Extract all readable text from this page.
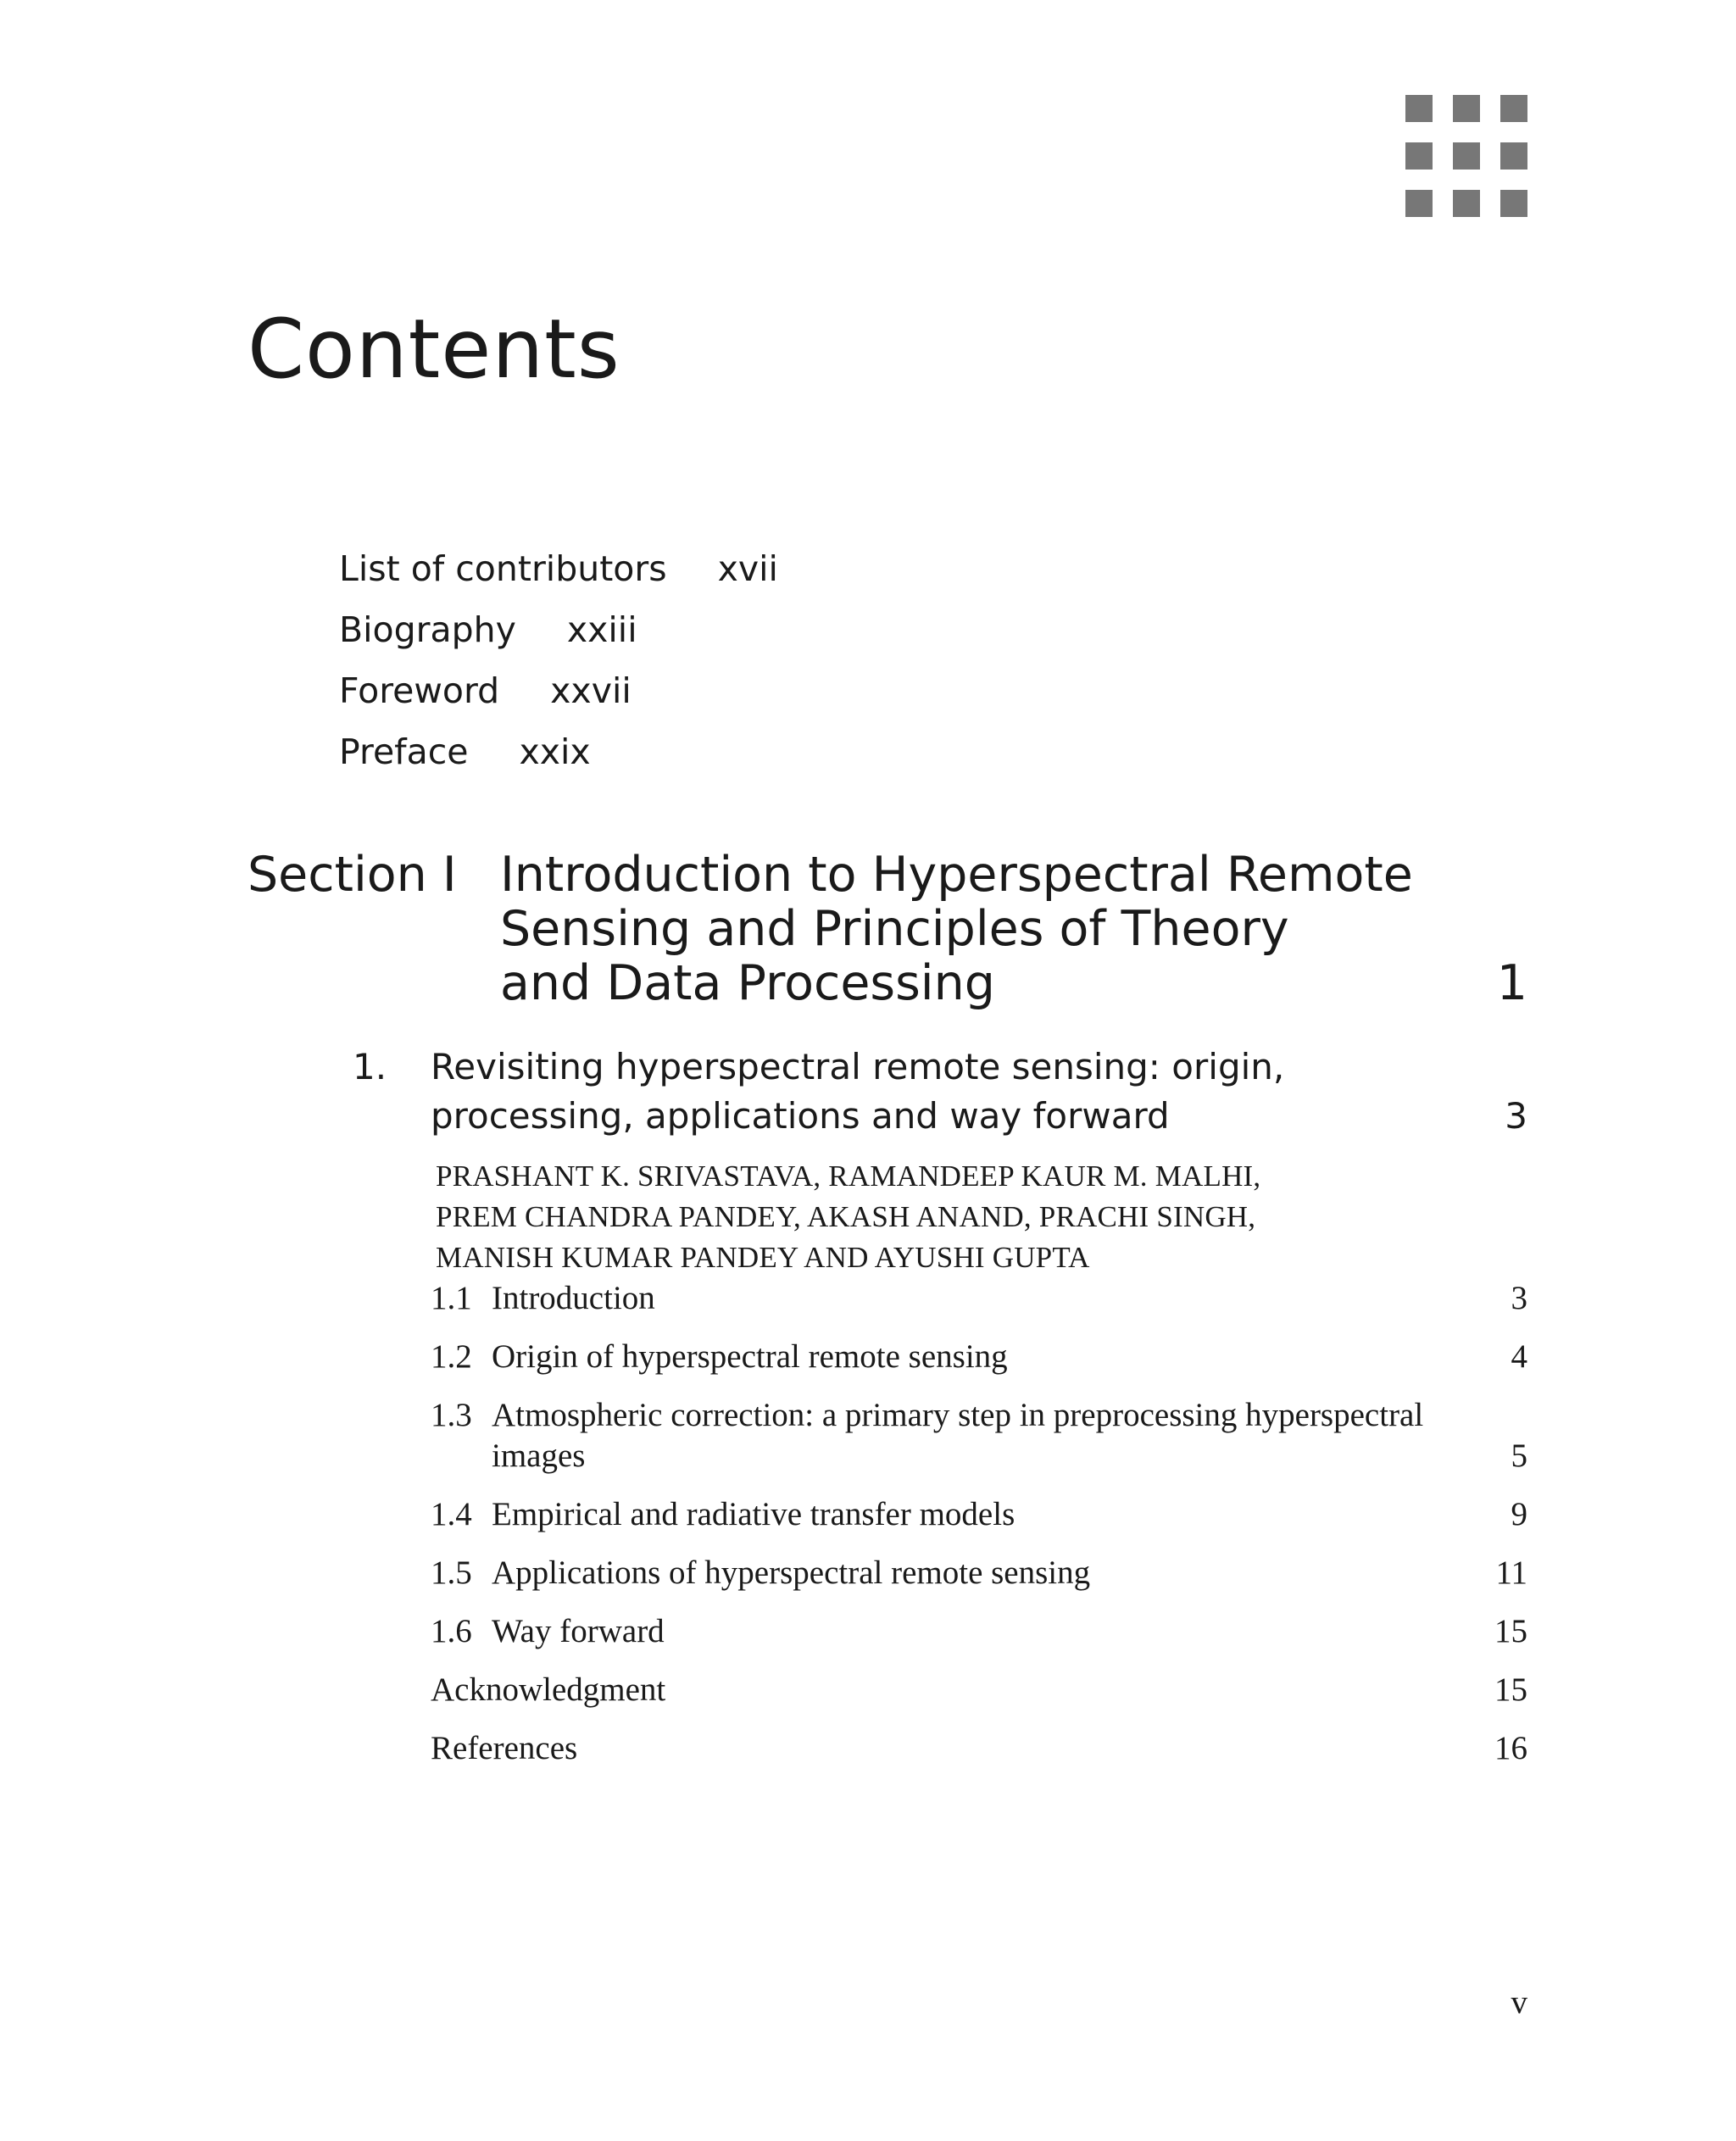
Contents
List of contributors xvii
Biography xxiii
Foreword xxvii
Preface xxix
Section I Introduction to Hyperspectral Remote
Sensing and Principles of Theory
and Data Processing	1
1. Revisiting hyperspectral remote sensing: origin,
processing, applications and way forward	3
PRASHANT K. SRIVASTAVA, RAMANDEEP KAUR M. MALHI,
PREM CHANDRA PANDEY, AKASH ANAND, PRACHI SINGH,
MANISH KUMAR PANDEY AND AYUSHI GUPTA
1.1 Introduction	3
1.2 Origin of hyperspectral remote sensing	4
1.3 Atmospheric correction: a primary step in preprocessing hyperspectral images	5
1.4 Empirical and radiative transfer models	9
1.5 Applications of hyperspectral remote sensing	11
1.6 Way forward	15
Acknowledgment	15
References	16
v
